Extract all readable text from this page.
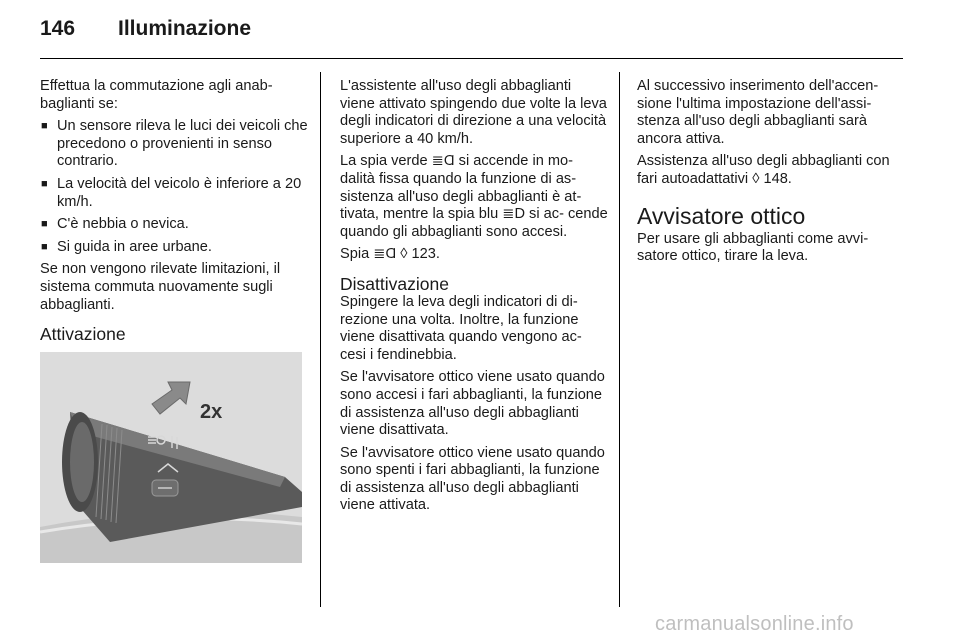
146 Illuminazione

Effettua la commutazione agli anab- baglianti se:

■ Un sensore rileva le luci dei veicoli che precedono o provenienti in senso contrario.
■ La velocità del veicolo è inferiore a 20 km/h.
■ C'è nebbia o nevica.
■ Si guida in aree urbane.

Se non vengono rilevate limitazioni, il sistema commuta nuovamente sugli abbaglianti.

Attivazione
2x

L'assistente all'uso degli abbaglianti viene attivato spingendo due volte la leva degli indicatori di direzione a una velocità superiore a 40 km/h.

La spia verde ≣Ɑ si accende in mo- dalità fissa quando la funzione di as- sistenza all'uso degli abbaglianti è at- tivata, mentre la spia blu ≣D si ac- cende quando gli abbaglianti sono accesi.

Spia ≣Ɑ ◊ 123.

Disattivazione

Spingere la leva degli indicatori di di- rezione una volta. Inoltre, la funzione viene disattivata quando vengono ac- cesi i fendinebbia.

Se l'avvisatore ottico viene usato quando sono accesi i fari abbaglianti, la funzione di assistenza all'uso degli abbaglianti viene disattivata.

Se l'avvisatore ottico viene usato quando sono spenti i fari abbaglianti, la funzione di assistenza all'uso degli abbaglianti viene attivata.

Al successivo inserimento dell'accen- sione l'ultima impostazione dell'assi- stenza all'uso degli abbaglianti sarà ancora attiva.

Assistenza all'uso degli abbaglianti con fari autoadattativi ◊ 148.

Avvisatore ottico

Per usare gli abbaglianti come avvi- satore ottico, tirare la leva.

carmanualsonline.info
